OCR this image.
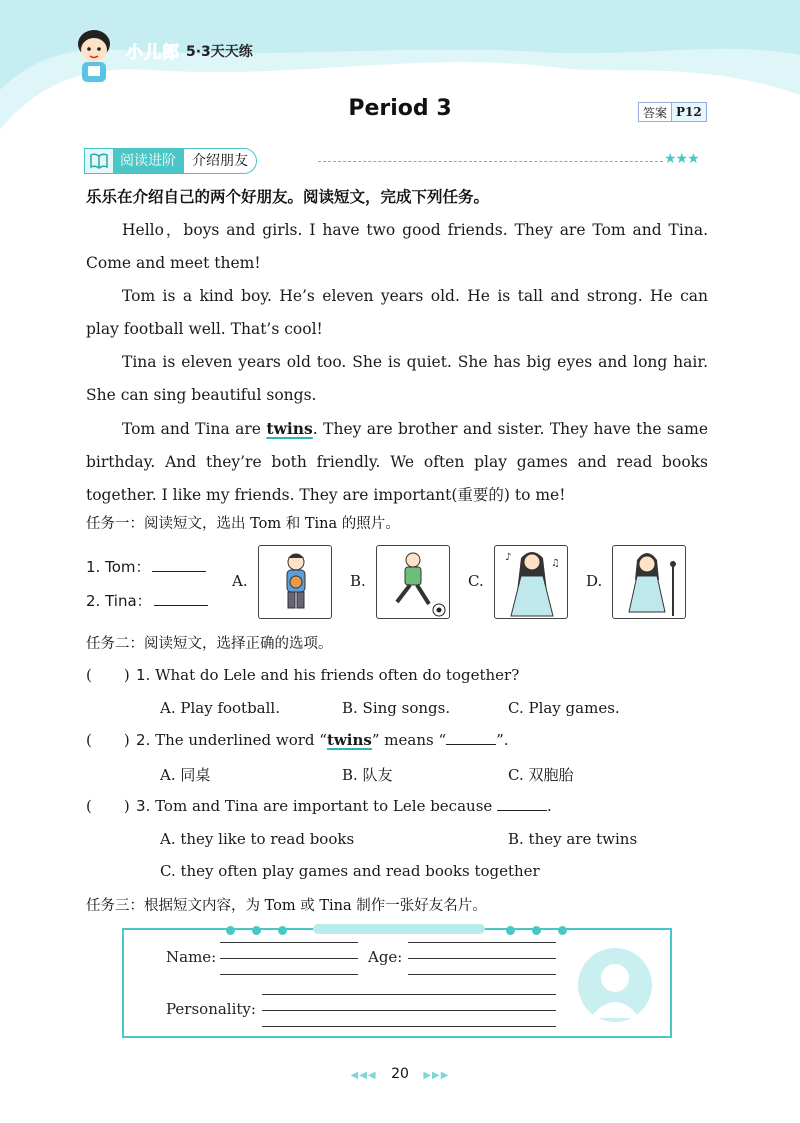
小儿郎 5·3天天练
Period 3	答案 P12
阅读进阶	介绍朋友	★★★
乐乐在介绍自己的两个好朋友。阅读短文，完成下列任务。

Hello，boys and girls. I have two good friends. They are Tom and Tina. Come and meet them!

Tom is a kind boy. He’s eleven years old. He is tall and strong. He can play football well. That’s cool!

Tina is eleven years old too. She is quiet. She has big eyes and long hair. She can sing beautiful songs.

Tom and Tina are twins. They are brother and sister. They have the same birthday. And they’re both friendly. We often play games and read books together. I like my friends. They are important(重要的) to me!

任务一：阅读短文，选出 Tom 和 Tina 的照片。
1. Tom：
2. Tina：
A.	B.	C.
♪
♫
D.
任务二：阅读短文，选择正确的选项。
( ) 1. What do Lele and his friends often do together?
A. Play football.	B. Sing songs.	C. Play games.
( ) 2. The underlined word “twins” means “	”.
A. 同桌	B. 队友	C. 双胞胎
( ) 3. Tom and Tina are important to Lele because	.
A. they like to read books	B. they are twins
C. they often play games and read books together
任务三：根据短文内容，为 Tom 或 Tina 制作一张好友名片。
Name:	Age:
Personality:
◀◀◀ 20 ▶▶▶
